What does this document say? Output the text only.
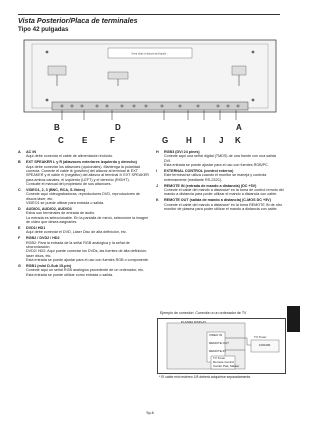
Vista Posterior/Placa de terminales
Tipo 42 pulgadas
Keep clear of objects and liquids…
B	D	A
C E	F	G H I J K
A AC IN
Aquí debe conectar el cable de alimentación incluido.
B EXT SPEAKER L y R (altavoces exteriores izquierdo y derecho)
Aquí debe conectar los altavoces (opcionales). Mantenga la polaridad correcta. Conecte el cable ⊕ (positivo) del altavoz al terminal ⊕ EXT SPEAKER y el cable ⊖ (negativo) del altavoz al terminal ⊖ EXT SPEAKER para ambos canales, el izquierdo (LEFT) y el derecho (RIGHT).
Consulte el manual del propietario de sus altavoces.
C VIDEO1, 2, 3 (BNC, RCA, S-Video)
Conecte aquí videograbadoras, reproductores DVD, reproductores de discos láser, etc.
VIDEO1 se puede utilizar para entrada o salida.
D AUDIO1, AUDIO2, AUDIO3
Estos son terminales de entrada de audio.
La entrada es seleccionable. En la pantalla de menú, seleccione la imagen de vídeo que desea asignarles.
E DVD1/ HD1
Aquí debe conectar el DVD, Láser Disc de alta definición, etc.
F RGB2 / DVD2 / HD2
RGB2: Para la entrada de la señal RGB analógica y la señal de sincronización.
DVD2/ HD2: Aquí puede conectar los DVDs, las fuentes de alta definición, laser discs, etc.
Esta entrada se puede ajustar para el uso con fuentes RGB o componente.
G RGB1 (mini D-Sub 15-pin)
Conecte aquí un señal RGB analógica procedente de un ordenador, etc. Esta entrada se puede utilizar como entrada o salida.
H RGB3 (DVI 24 pines)
Conecte aquí una señal digital (TMDS) de una fuente con una salida DVI.
Esta entrada se puede ajustar para el uso con fuentes RGB/PC.
I EXTERNAL CONTROL (control externo)
Este terminal se utiliza cuando el monitor se maneja y controla externamente (mediante RS-232C).
J REMOTE IN (entrada de mando a distancia) (DC +5V)
Conecte el cable del mando a distancia* en la toma de control remoto del mando a distancia para poder utilizar el mando a distancia con cable.
K REMOTE OUT (salida de mando a distancia) (C-MOS DC +5V)
Conecte el cable del mando a distancia* en la toma REMOTE IN de otro monitor de plasma para poder utilizar el mando a distancia con cable.
Ejemplo de conexión: Conexión a un ordenador de TV
PLASMA DISPLAY
VIDEO IN
REMOTE OUT
REMOTE IN
TV Tuner
1001081
TV Tuner
Remote Control
Carrier Pad, Marker
* El cable mini estéreo 1/8 deberá adquirirse separadamente.
Sp-6
